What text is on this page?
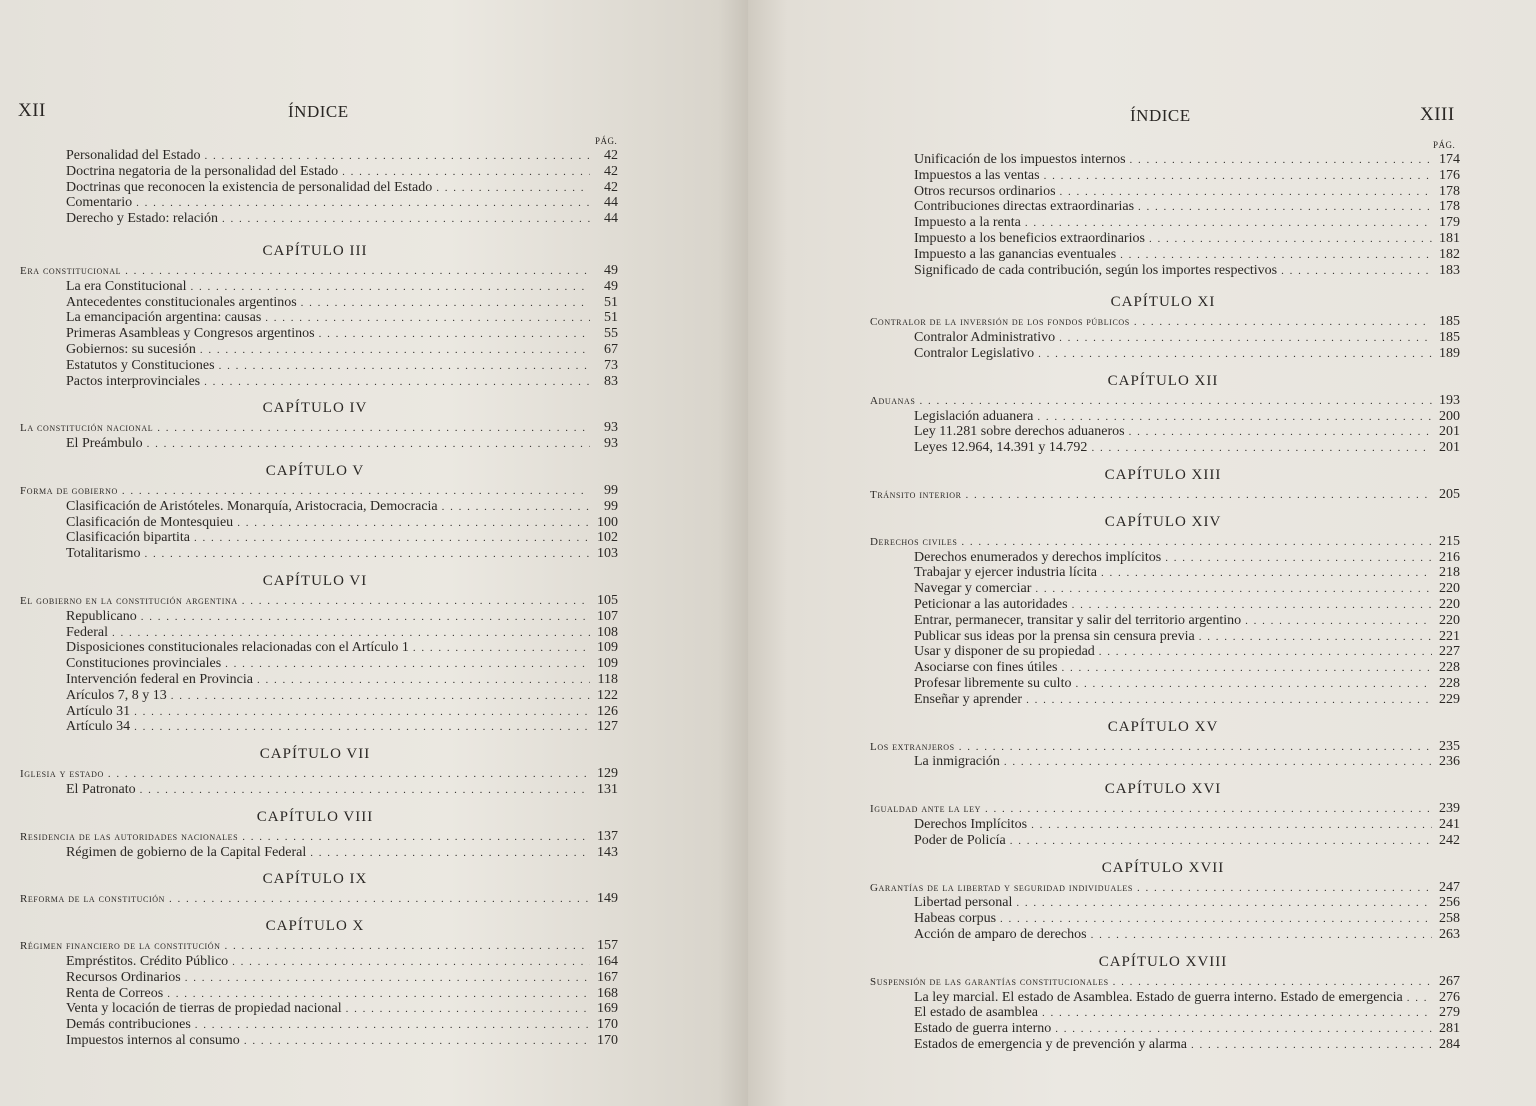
XII	ÍNDICE
PÁG.
Personalidad del Estado . . .	42
Doctrina negatoria de la personalidad del Estado . . .	42
Doctrinas que reconocen la existencia de personalidad del Estado . . .	42
Comentario . . .	44
Derecho y Estado: relación . . .	44
CAPÍTULO III
Era constitucional . . .	49
La era Constitucional . . .	49
Antecedentes constitucionales argentinos . . .	51
La emancipación argentina: causas . . .	51
Primeras Asambleas y Congresos argentinos . . .	55
Gobiernos: su sucesión . . .	67
Estatutos y Constituciones . . .	73
Pactos interprovinciales . . .	83
CAPÍTULO IV
La constitución nacional . . .	93
El Preámbulo . . .	93
CAPÍTULO V
Forma de gobierno . . .	99
Clasificación de Aristóteles. Monarquía, Aristocracia, Democracia . . .	99
Clasificación de Montesquieu . . .	100
Clasificación bipartita . . .	102
Totalitarismo . . .	103
CAPÍTULO VI
El gobierno en la constitución argentina . . .	105
Republicano . . .	107
Federal . . .	108
Disposiciones constitucionales relacionadas con el Artículo 1 . . .	109
Constituciones provinciales . . .	109
Intervención federal en Provincia . . .	118
Arículos 7, 8 y 13 . . .	122
Artículo 31 . . .	126
Artículo 34 . . .	127
CAPÍTULO VII
Iglesia y estado . . .	129
El Patronato . . .	131
CAPÍTULO VIII
Residencia de las autoridades nacionales . . .	137
Régimen de gobierno de la Capital Federal . . .	143
CAPÍTULO IX
Reforma de la constitución . . .	149
CAPÍTULO X
Régimen financiero de la constitución . . .	157
Empréstitos. Crédito Público . . .	164
Recursos Ordinarios . . .	167
Renta de Correos . . .	168
Venta y locación de tierras de propiedad nacional . . .	169
Demás contribuciones . . .	170
Impuestos internos al consumo . . .	170
ÍNDICE	XIII
PÁG.
Unificación de los impuestos internos . . .	174
Impuestos a las ventas . . .	176
Otros recursos ordinarios . . .	178
Contribuciones directas extraordinarias . . .	178
Impuesto a la renta . . .	179
Impuesto a los beneficios extraordinarios . . .	181
Impuesto a las ganancias eventuales . . .	182
Significado de cada contribución, según los importes respectivos . . .	183
CAPÍTULO XI
Contralor de la inversión de los fondos públicos . . .	185
Contralor Administrativo . . .	185
Contralor Legislativo . . .	189
CAPÍTULO XII
Aduanas . . .	193
Legislación aduanera . . .	200
Ley 11.281 sobre derechos aduaneros . . .	201
Leyes 12.964, 14.391 y 14.792 . . .	201
CAPÍTULO XIII
Tránsito interior . . .	205
CAPÍTULO XIV
Derechos civiles . . .	215
Derechos enumerados y derechos implícitos . . .	216
Trabajar y ejercer industria lícita . . .	218
Navegar y comerciar . . .	220
Peticionar a las autoridades . . .	220
Entrar, permanecer, transitar y salir del territorio argentino . . .	220
Publicar sus ideas por la prensa sin censura previa . . .	221
Usar y disponer de su propiedad . . .	227
Asociarse con fines útiles . . .	228
Profesar libremente su culto . . .	228
Enseñar y aprender . . .	229
CAPÍTULO XV
Los extranjeros . . .	235
La inmigración . . .	236
CAPÍTULO XVI
Igualdad ante la ley . . .	239
Derechos Implícitos . . .	241
Poder de Policía . . .	242
CAPÍTULO XVII
Garantías de la libertad y seguridad individuales . . .	247
Libertad personal . . .	256
Habeas corpus . . .	258
Acción de amparo de derechos . . .	263
CAPÍTULO XVIII
Suspensión de las garantías constitucionales . . .	267
La ley marcial. El estado de Asamblea. Estado de guerra interno. Estado de emergencia . . .	276
El estado de asamblea . . .	279
Estado de guerra interno . . .	281
Estados de emergencia y de prevención y alarma . . .	284
